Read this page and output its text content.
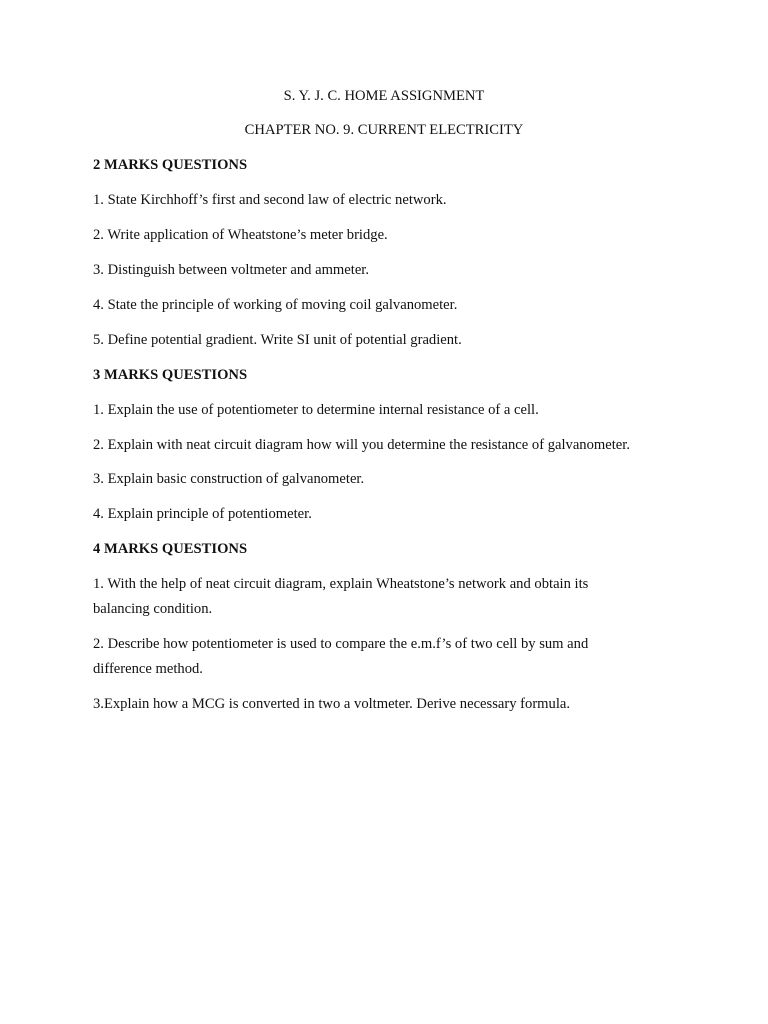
S. Y. J. C. HOME ASSIGNMENT

CHAPTER NO. 9. CURRENT ELECTRICITY

2 MARKS QUESTIONS

1. State Kirchhoff’s first and second law of electric network.

2. Write application of Wheatstone’s meter bridge.

3. Distinguish between voltmeter and ammeter.

4. State the principle of working of moving coil galvanometer.

5. Define potential gradient. Write SI unit of potential gradient.

3 MARKS QUESTIONS

1. Explain the use of potentiometer to determine internal resistance of a cell.

2. Explain with neat circuit diagram how will you determine the resistance of galvanometer.

3. Explain basic construction of galvanometer.

4. Explain principle of potentiometer.

4 MARKS QUESTIONS

1. With the help of neat circuit diagram, explain Wheatstone’s network and obtain its

balancing condition.

2. Describe how potentiometer is used to compare the e.m.f’s of two cell by sum and

difference method.

3.Explain how a MCG is converted in two a voltmeter. Derive necessary formula.
